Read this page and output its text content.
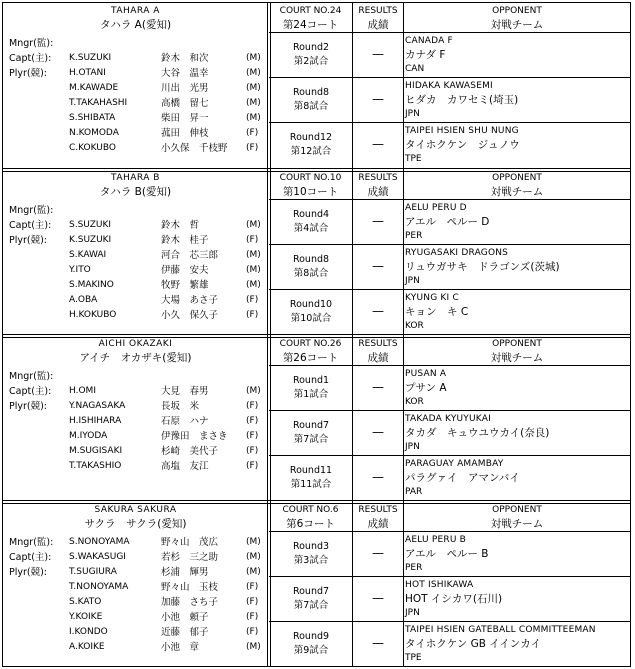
TAHARA A
タハラ A(愛知)
COURT NO.24
第24コート
RESULTS
成績
OPPONENT
対戦チーム
Mngr(監):
Capt(主): K.SUZUKI	鈴木　和次	(M)
Plyr(競): H.OTANI	大谷　温幸	(M)
M.KAWADE	川出　光男	(M)
T.TAKAHASHI	高橋　留七	(M)
S.SHIBATA	柴田　昇一	(M)
N.KOMODA	菰田　伸枝	(F)
C.KOKUBO	小久保　千枝野 (F)
Round2
第2試合
—
CANADA F
カナダ F
CAN
Round8
第8試合
—
HIDAKA KAWASEMI
ヒダカ　カワセミ(埼玉)
JPN
Round12
第12試合
—
TAIPEI HSIEN SHU NUNG
タイホクケン　ジュノウ
TPE
TAHARA B
タハラ B(愛知)
COURT NO.10
第10コート
RESULTS
成績
OPPONENT
対戦チーム
Mngr(監):
Capt(主): S.SUZUKI	鈴木　哲	(M)
Plyr(競): K.SUZUKI	鈴木　桂子	(F)
S.KAWAI	河合　芯三郎	(M)
Y.ITO	伊藤　安夫	(M)
S.MAKINO	牧野　繁雄	(M)
A.OBA	大場　あさ子	(F)
H.KOKUBO	小久　保久子	(F)
Round4
第4試合
—
AELU PERU D
アエル　ペルー D
PER
Round8
第8試合
—
RYUGASAKI DRAGONS
リュウガサキ　ドラゴンズ(茨城)
JPN
Round10
第10試合
—
KYUNG KI C
キョン　キ C
KOR
AICHI OKAZAKI
アイチ　オカザキ(愛知)
COURT NO.26
第26コート
RESULTS
成績
OPPONENT
対戦チーム
Mngr(監):
Capt(主): H.OMI	大見　春男	(M)
Plyr(競): Y.NAGASAKA	長坂　米	(F)
H.ISHIHARA	石原　ハナ	(F)
M.IYODA	伊豫田　まさき (F)
M.SUGISAKI	杉崎　美代子	(F)
T.TAKASHIO	高塩　友江	(F)
Round1
第1試合
—
PUSAN A
プサン A
KOR
Round7
第7試合
—
TAKADA KYUYUKAI
タカダ　キュウユウカイ(奈良)
JPN
Round11
第11試合
—
PARAGUAY AMAMBAY
パラグァイ　アマンバイ
PAR
SAKURA SAKURA
サクラ　サクラ(愛知)
COURT NO.6
第6コート
RESULTS
成績
OPPONENT
対戦チーム
Mngr(監): S.NONOYAMA	野々山　茂広	(M)
Capt(主): S.WAKASUGI	若杉　三之助	(M)
Plyr(競): T.SUGIURA	杉浦　輝男	(M)
T.NONOYAMA	野々山　玉枝	(F)
S.KATO	加藤　さち子	(F)
Y.KOIKE	小池　頼子	(F)
I.KONDO	近藤　郁子	(F)
A.KOIKE	小池　章	(M)
Round3
第3試合
—
AELU PERU B
アエル　ペルー B
PER
Round7
第7試合
—
HOT ISHIKAWA
HOT イシカワ(石川)
JPN
Round9
第9試合
—
TAIPEI HSIEN GATEBALL COMMITTEEMAN
タイホクケン GB イインカイ
TPE
